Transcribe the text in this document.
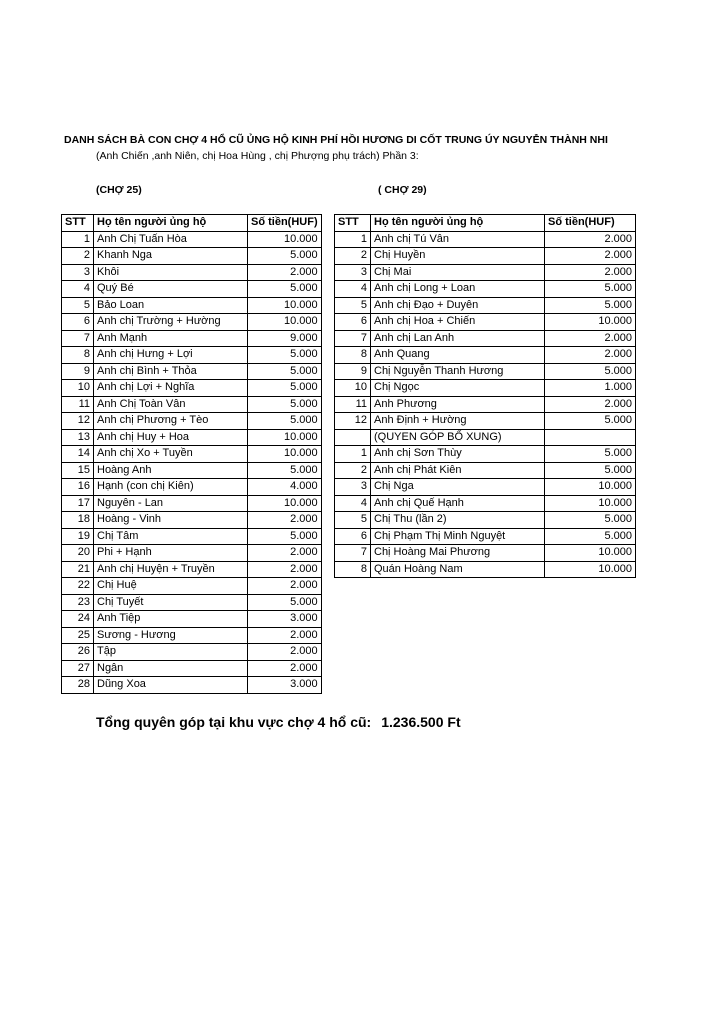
DANH SÁCH BÀ CON CHỢ 4 HỔ CŨ ỦNG HỘ KINH PHÍ HỒI HƯƠNG DI CỐT TRUNG ÚY NGUYỄN THÀNH NHI
(Anh Chiến ,anh Niên, chị Hoa Hùng , chị Phượng phụ trách) Phần 3:
(CHỢ 25)	( CHỢ 29)
STT	Họ tên người ủng hộ	Số tiền(HUF)
1	Anh Chị Tuấn Hòa	10.000
2	Khanh Nga	5.000
3	Khôi	2.000
4	Quý Bé	5.000
5	Bảo Loan	10.000
6	Anh chị Trường + Hường	10.000
7	Anh Mạnh	9.000
8	Anh chị Hưng + Lợi	5.000
9	Anh chị Bình + Thỏa	5.000
10	Anh chị Lợi + Nghĩa	5.000
11	Anh Chị Toàn Vân	5.000
12	Anh chị Phương + Tèo	5.000
13	Anh chị Huy + Hoa	10.000
14	Anh chị Xo + Tuyền	10.000
15	Hoàng Anh	5.000
16	Hạnh (con chị Kiên)	4.000
17	Nguyên - Lan	10.000
18	Hoàng - Vinh	2.000
19	Chị Tâm	5.000
20	Phi + Hạnh	2.000
21	Anh chị Huyện + Truyền	2.000
22	Chị Huệ	2.000
23	Chị Tuyết	5.000
24	Anh Tiệp	3.000
25	Sương - Hương	2.000
26	Tập	2.000
27	Ngân	2.000
28	Dũng Xoa	3.000
STT	Họ tên người ủng hộ	Số tiền(HUF)
1	Anh chị Tú Vân	2.000
2	Chị Huyền	2.000
3	Chị Mai	2.000
4	Anh chị Long + Loan	5.000
5	Anh chị Đạo + Duyên	5.000
6	Anh chị Hoa + Chiến	10.000
7	Anh chị Lan Anh	2.000
8	Anh Quang	2.000
9	Chị Nguyễn Thanh Hương	5.000
10	Chị Ngọc	1.000
11	Anh Phương	2.000
12	Anh Định + Hường	5.000
	(QUYEN GÓP BỔ XUNG)	
1	Anh chị Sơn Thùy	5.000
2	Anh chị Phát Kiên	5.000
3	Chị Nga	10.000
4	Anh chị Quế Hạnh	10.000
5	Chị Thu (lần 2)	5.000
6	Chị Phạm Thị Minh Nguyệt	5.000
7	Chị Hoàng Mai Phương	10.000
8	Quán Hoàng Nam	10.000
Tổng quyên góp tại khu vực chợ 4 hổ cũ: 1.236.500 Ft
